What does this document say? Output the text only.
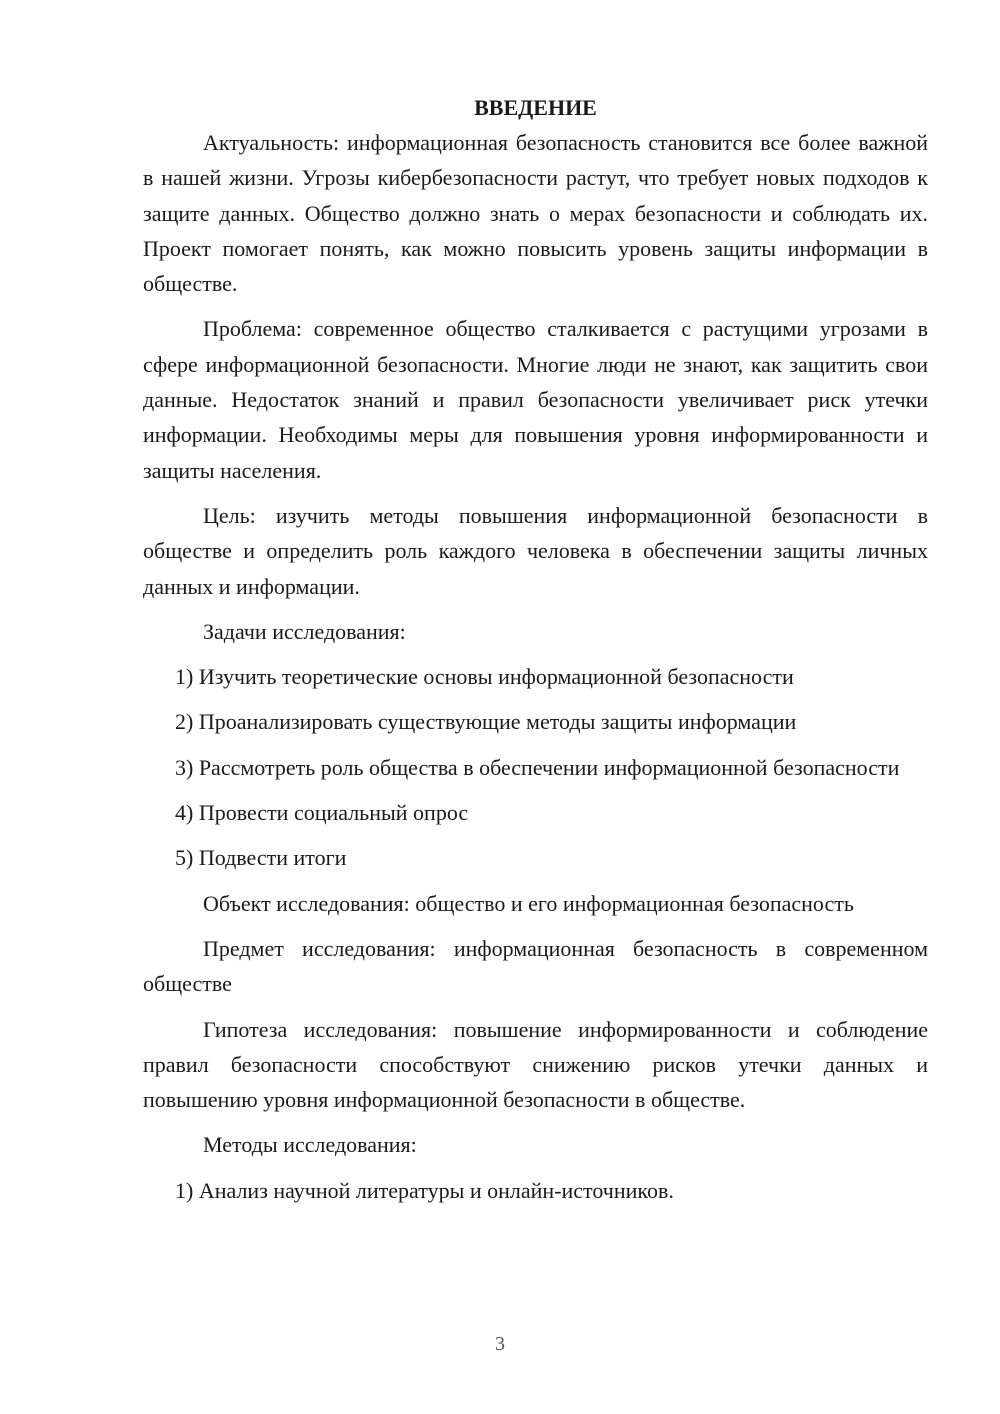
ВВЕДЕНИЕ

Актуальность: информационная безопасность становится все более важной в нашей жизни. Угрозы кибербезопасности растут, что требует новых подходов к защите данных. Общество должно знать о мерах безопасности и соблюдать их. Проект помогает понять, как можно повысить уровень защиты информации в обществе.

Проблема: современное общество сталкивается с растущими угрозами в сфере информационной безопасности. Многие люди не знают, как защитить свои данные. Недостаток знаний и правил безопасности увеличивает риск утечки информации. Необходимы меры для повышения уровня информированности и защиты населения.

Цель: изучить методы повышения информационной безопасности в обществе и определить роль каждого человека в обеспечении защиты личных данных и информации.

Задачи исследования:

1) Изучить теоретические основы информационной безопасности

2) Проанализировать существующие методы защиты информации

3) Рассмотреть роль общества в обеспечении информационной безопасности

4) Провести социальный опрос

5) Подвести итоги

Объект исследования: общество и его информационная безопасность

Предмет исследования: информационная безопасность в современном обществе

Гипотеза исследования: повышение информированности и соблюдение правил безопасности способствуют снижению рисков утечки данных и повышению уровня информационной безопасности в обществе.

Методы исследования:

1) Анализ научной литературы и онлайн-источников.

3
